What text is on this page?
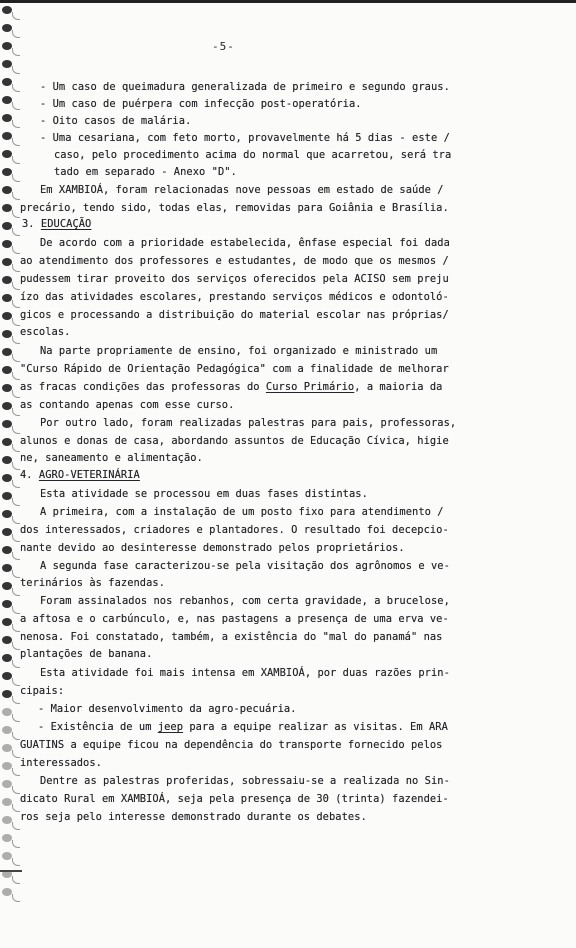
-5-
- Um caso de queimadura generalizada de primeiro e segundo graus.
- Um caso de puérpera com infecção post-operatória.
- Oito casos de malária.
- Uma cesariana, com feto morto, provavelmente há 5 dias - este /
caso, pelo procedimento acima do normal que acarretou, será tra
tado em separado - Anexo "D".
Em XAMBIOÁ, foram relacionadas nove pessoas em estado de saúde /
precário, tendo sido, todas elas, removidas para Goiânia e Brasília.
3. EDUCAÇÃO
De acordo com a prioridade estabelecida, ênfase especial foi dada
ao atendimento dos professores e estudantes, de modo que os mesmos /
pudessem tirar proveito dos serviços oferecidos pela ACISO sem preju
ízo das atividades escolares, prestando serviços médicos e odontoló-
gicos e processando a distribuição do material escolar nas próprias/
escolas.
Na parte propriamente de ensino, foi organizado e ministrado um
"Curso Rápido de Orientação Pedagógica" com a finalidade de melhorar
as fracas condições das professoras do Curso Primário, a maioria da
as contando apenas com esse curso.
Por outro lado, foram realizadas palestras para pais, professoras,
alunos e donas de casa, abordando assuntos de Educação Cívica, higie
ne, saneamento e alimentação.
4. AGRO-VETERINÁRIA
Esta atividade se processou em duas fases distintas.
A primeira, com a instalação de um posto fixo para atendimento /
dos interessados, criadores e plantadores. O resultado foi decepcio-
nante devido ao desinteresse demonstrado pelos proprietários.
A segunda fase caracterizou-se pela visitação dos agrônomos e ve-
terinários às fazendas.
Foram assinalados nos rebanhos, com certa gravidade, a brucelose,
a aftosa e o carbúnculo, e, nas pastagens a presença de uma erva ve-
nenosa. Foi constatado, também, a existência do "mal do panamá" nas
plantações de banana.
Esta atividade foi mais intensa em XAMBIOÁ, por duas razões prin-
cipais:
- Maior desenvolvimento da agro-pecuária.
- Existência de um jeep para a equipe realizar as visitas. Em ARA
GUATINS a equipe ficou na dependência do transporte fornecido pelos
interessados.
Dentre as palestras proferidas, sobressaiu-se a realizada no Sin-
dicato Rural em XAMBIOÁ, seja pela presença de 30 (trinta) fazendei-
ros seja pelo interesse demonstrado durante os debates.
